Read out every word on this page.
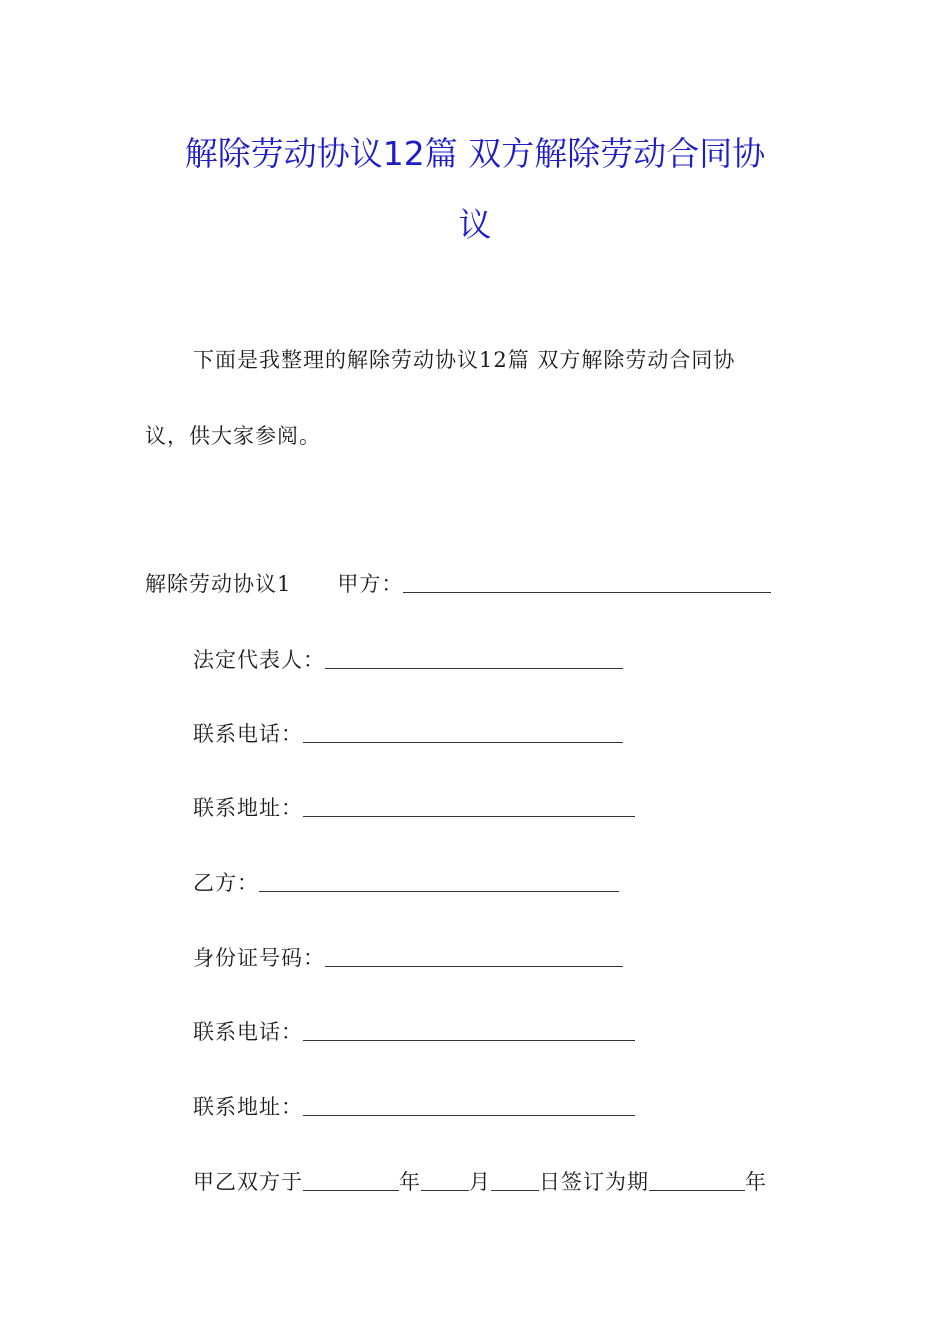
解除劳动协议12篇 双方解除劳动合同协
议
下面是我整理的解除劳动协议12篇 双方解除劳动合同协
议，供大家参阅。
解除劳动协议1 甲方：
法定代表人：
联系电话：
联系地址：
乙方：
身份证号码：
联系电话：
联系地址：
甲乙双方于	年 月 日签订为期	年
